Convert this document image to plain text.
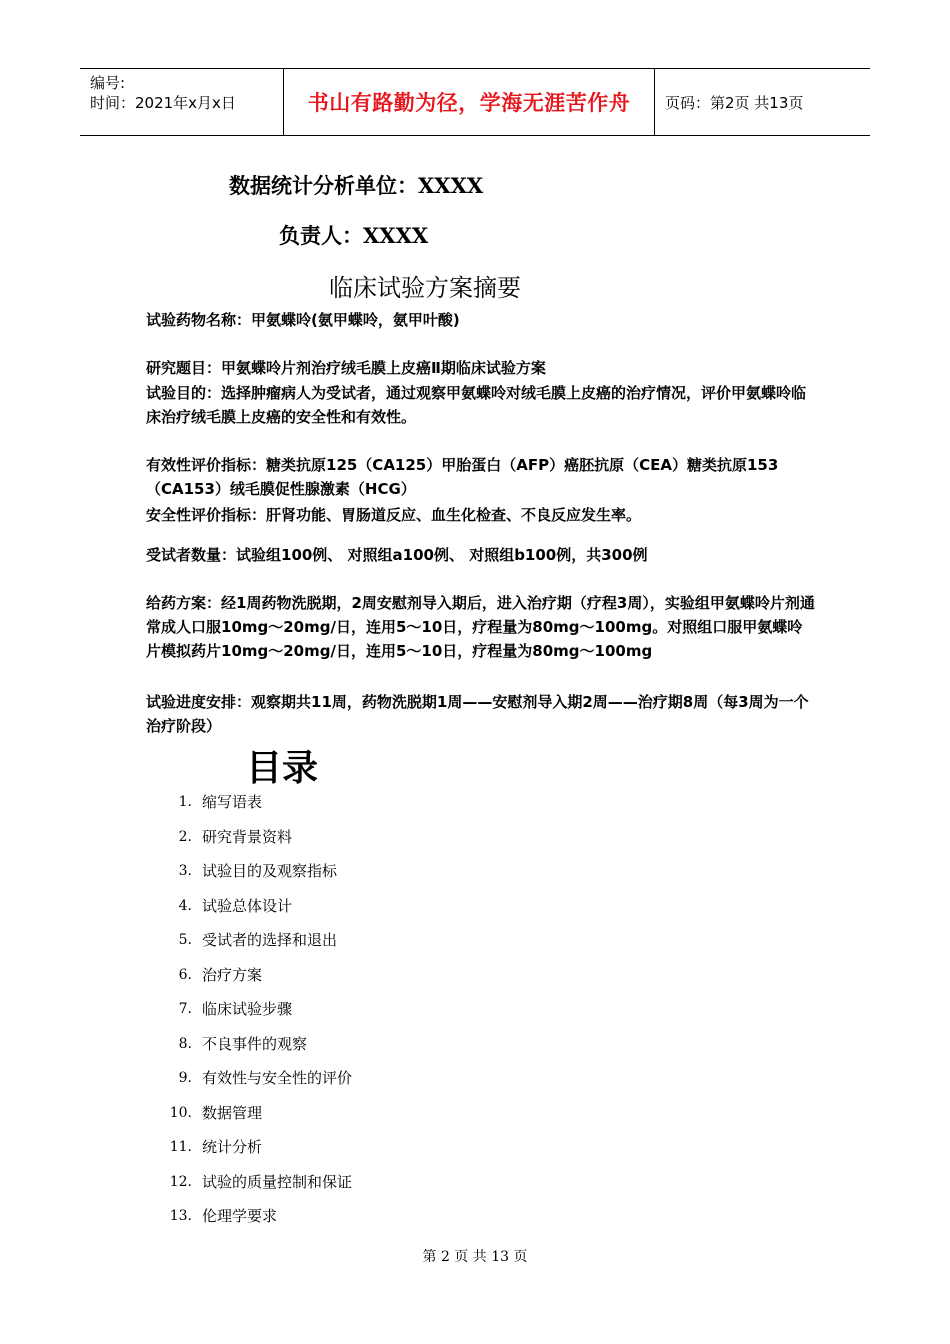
编号:
时间：2021年x月x日	书山有路勤为径，学海无涯苦作舟	页码：第2页 共13页
数据统计分析单位：XXXX
负责人：XXXX
临床试验方案摘要
试验药物名称：甲氨蝶呤(氨甲蝶呤，氨甲叶酸)
研究题目：甲氨蝶呤片剂治疗绒毛膜上皮癌Ⅱ期临床试验方案
试验目的：选择肿瘤病人为受试者，通过观察甲氨蝶呤对绒毛膜上皮癌的治疗情况，评价甲氨蝶呤临床治疗绒毛膜上皮癌的安全性和有效性。
有效性评价指标：糖类抗原125（CA125）甲胎蛋白（AFP）癌胚抗原（CEA）糖类抗原153（CA153）绒毛膜促性腺激素（HCG）
安全性评价指标：肝肾功能、胃肠道反应、血生化检查、不良反应发生率。
受试者数量：试验组100例、 对照组a100例、 对照组b100例，共300例
给药方案：经1周药物洗脱期，2周安慰剂导入期后，进入治疗期（疗程3周），实验组甲氨蝶呤片剂通常成人口服10mg～20mg/日，连用5～10日，疗程量为80mg～100mg。对照组口服甲氨蝶呤片模拟药片10mg～20mg/日，连用5～10日，疗程量为80mg～100mg
试验进度安排：观察期共11周，药物洗脱期1周——安慰剂导入期2周——治疗期8周（每3周为一个治疗阶段）
目录
1. 缩写语表
2. 研究背景资料
3. 试验目的及观察指标
4. 试验总体设计
5. 受试者的选择和退出
6. 治疗方案
7. 临床试验步骤
8. 不良事件的观察
9. 有效性与安全性的评价
10. 数据管理
11. 统计分析
12. 试验的质量控制和保证
13. 伦理学要求
第 2 页 共 13 页
